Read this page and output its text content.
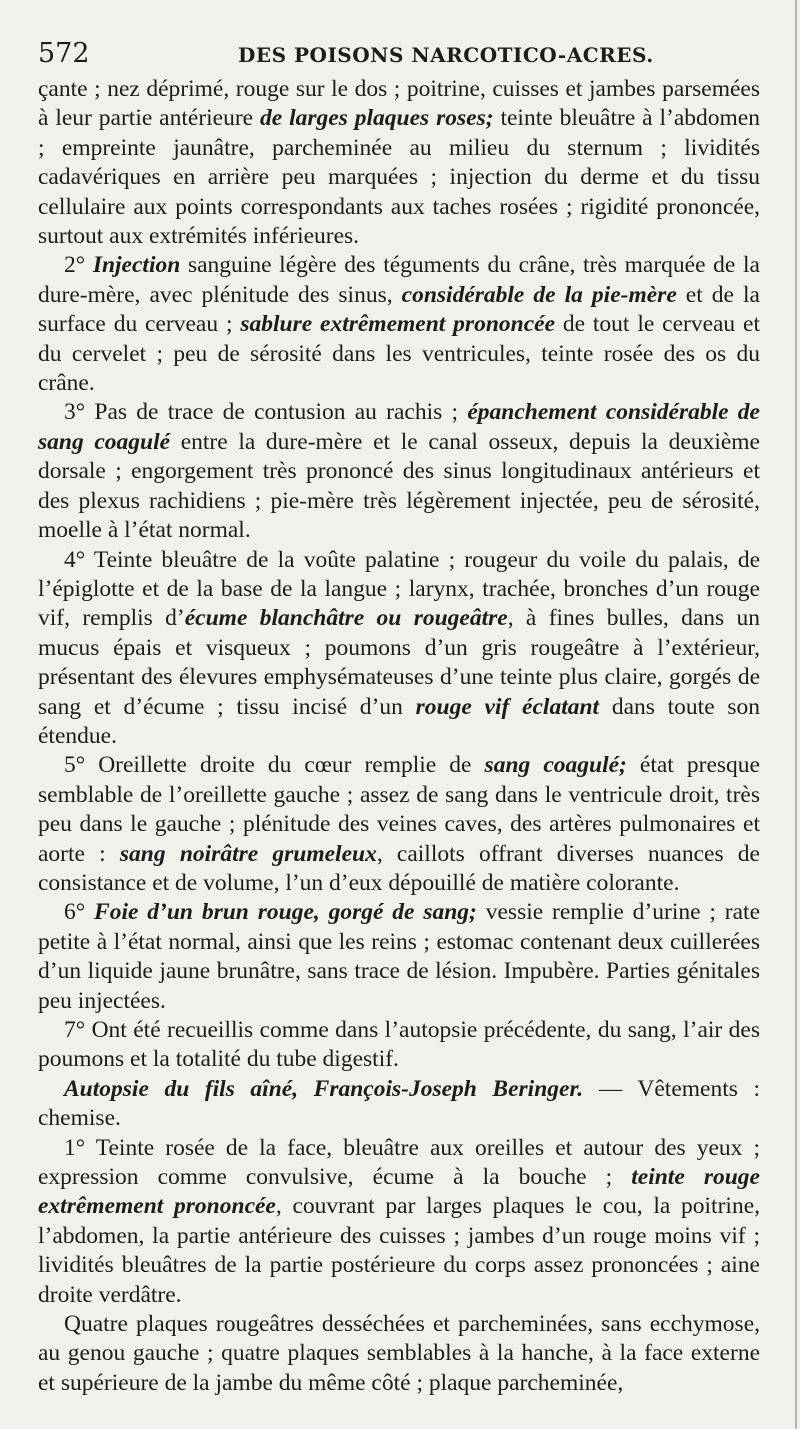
572	DES POISONS NARCOTICO-ACRES.

çante ; nez déprimé, rouge sur le dos ; poitrine, cuisses et jambes parsemées à leur partie antérieure de larges plaques roses; teinte bleuâtre à l’abdomen ; empreinte jaunâtre, parcheminée au milieu du sternum ; lividités cadavériques en arrière peu marquées ; injection du derme et du tissu cellulaire aux points correspondants aux taches rosées ; rigidité prononcée, surtout aux extrémités inférieures.

2° Injection sanguine légère des téguments du crâne, très marquée de la dure-mère, avec plénitude des sinus, considérable de la pie-mère et de la surface du cerveau ; sablure extrêmement prononcée de tout le cerveau et du cervelet ; peu de sérosité dans les ventricules, teinte rosée des os du crâne.

3° Pas de trace de contusion au rachis ; épanchement considérable de sang coagulé entre la dure-mère et le canal osseux, depuis la deuxième dorsale ; engorgement très prononcé des sinus longitudinaux antérieurs et des plexus rachidiens ; pie-mère très légèrement injectée, peu de sérosité, moelle à l’état normal.

4° Teinte bleuâtre de la voûte palatine ; rougeur du voile du palais, de l’épiglotte et de la base de la langue ; larynx, trachée, bronches d’un rouge vif, remplis d’écume blanchâtre ou rougeâtre, à fines bulles, dans un mucus épais et visqueux ; poumons d’un gris rougeâtre à l’extérieur, présentant des élevures emphysémateuses d’une teinte plus claire, gorgés de sang et d’écume ; tissu incisé d’un rouge vif éclatant dans toute son étendue.

5° Oreillette droite du cœur remplie de sang coagulé; état presque semblable de l’oreillette gauche ; assez de sang dans le ventricule droit, très peu dans le gauche ; plénitude des veines caves, des artères pulmonaires et aorte : sang noirâtre grumeleux, caillots offrant diverses nuances de consistance et de volume, l’un d’eux dépouillé de matière colorante.

6° Foie d’un brun rouge, gorgé de sang; vessie remplie d’urine ; rate petite à l’état normal, ainsi que les reins ; estomac contenant deux cuillerées d’un liquide jaune brunâtre, sans trace de lésion. Impubère. Parties génitales peu injectées.

7° Ont été recueillis comme dans l’autopsie précédente, du sang, l’air des poumons et la totalité du tube digestif.

Autopsie du fils aîné, François-Joseph Beringer. — Vêtements : chemise.

1° Teinte rosée de la face, bleuâtre aux oreilles et autour des yeux ; expression comme convulsive, écume à la bouche ; teinte rouge extrêmement prononcée, couvrant par larges plaques le cou, la poitrine, l’abdomen, la partie antérieure des cuisses ; jambes d’un rouge moins vif ; lividités bleuâtres de la partie postérieure du corps assez prononcées ; aine droite verdâtre.

Quatre plaques rougeâtres desséchées et parcheminées, sans ecchymose, au genou gauche ; quatre plaques semblables à la hanche, à la face externe et supérieure de la jambe du même côté ; plaque parcheminée,
